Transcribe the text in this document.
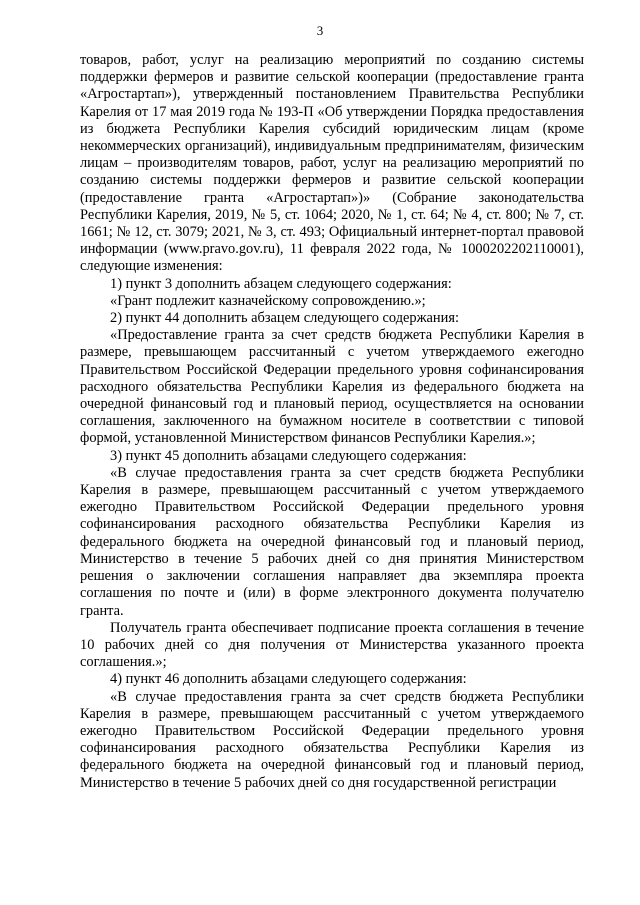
3

товаров, работ, услуг на реализацию мероприятий по созданию системы поддержки фермеров и развитие сельской кооперации (предоставление гранта «Агростартап»), утвержденный постановлением Правительства Республики Карелия от 17 мая 2019 года № 193-П «Об утверждении Порядка предоставления из бюджета Республики Карелия субсидий юридическим лицам (кроме некоммерческих организаций), индивидуальным предпринимателям, физическим лицам – производителям товаров, работ, услуг на реализацию мероприятий по созданию системы поддержки фермеров и развитие сельской кооперации (предоставление гранта «Агростартап»)» (Собрание законодательства Республики Карелия, 2019, № 5, ст. 1064; 2020, № 1, ст. 64; № 4, ст. 800; № 7, ст. 1661; № 12, ст. 3079; 2021, № 3, ст. 493; Официальный интернет-портал правовой информации (www.pravo.gov.ru), 11 февраля 2022 года, № 1000202202110001), следующие изменения:

1) пункт 3 дополнить абзацем следующего содержания:

«Грант подлежит казначейскому сопровождению.»;

2) пункт 44 дополнить абзацем следующего содержания:

«Предоставление гранта за счет средств бюджета Республики Карелия в размере, превышающем рассчитанный с учетом утверждаемого ежегодно Правительством Российской Федерации предельного уровня софинансирования расходного обязательства Республики Карелия из федерального бюджета на очередной финансовый год и плановый период, осуществляется на основании соглашения, заключенного на бумажном носителе в соответствии с типовой формой, установленной Министерством финансов Республики Карелия.»;

3) пункт 45 дополнить абзацами следующего содержания:

«В случае предоставления гранта за счет средств бюджета Республики Карелия в размере, превышающем рассчитанный с учетом утверждаемого ежегодно Правительством Российской Федерации предельного уровня софинансирования расходного обязательства Республики Карелия из федерального бюджета на очередной финансовый год и плановый период, Министерство в течение 5 рабочих дней со дня принятия Министерством решения о заключении соглашения направляет два экземпляра проекта соглашения по почте и (или) в форме электронного документа получателю гранта.

Получатель гранта обеспечивает подписание проекта соглашения в течение 10 рабочих дней со дня получения от Министерства указанного проекта соглашения.»;

4) пункт 46 дополнить абзацами следующего содержания:

«В случае предоставления гранта за счет средств бюджета Республики Карелия в размере, превышающем рассчитанный с учетом утверждаемого ежегодно Правительством Российской Федерации предельного уровня софинансирования расходного обязательства Республики Карелия из федерального бюджета на очередной финансовый год и плановый период, Министерство в течение 5 рабочих дней со дня государственной регистрации
